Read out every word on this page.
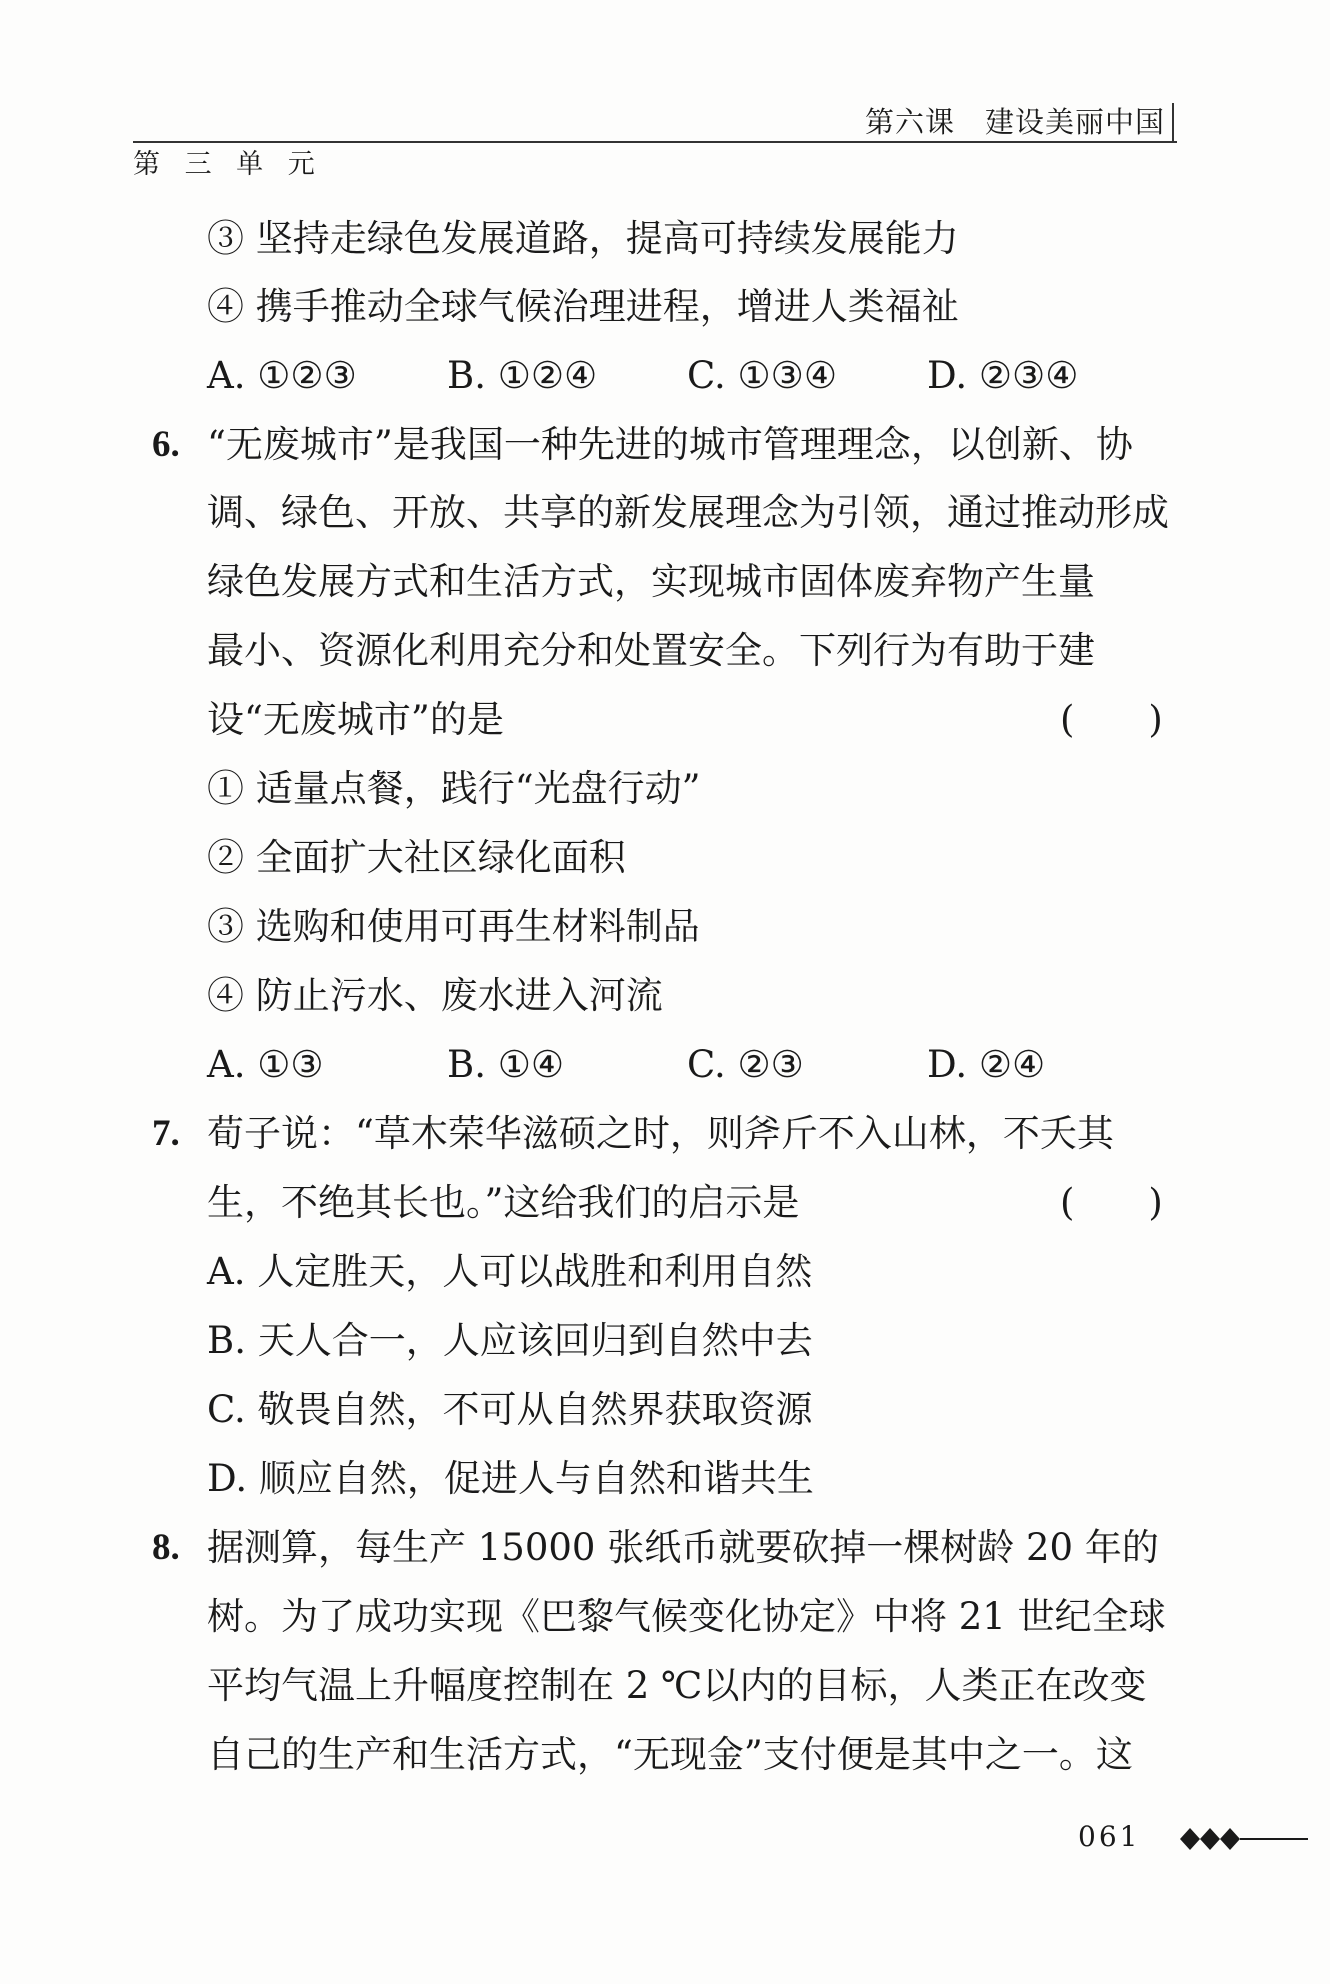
第六课　建设美丽中国
第 三 单 元
③ 坚持走绿色发展道路，提高可持续发展能力
④ 携手推动全球气候治理进程，增进人类福祉
A. ①②③ B. ①②④ C. ①③④ D. ②③④
6. “无废城市”是我国一种先进的城市管理理念，以创新、协
调、绿色、开放、共享的新发展理念为引领，通过推动形成
绿色发展方式和生活方式，实现城市固体废弃物产生量
最小、资源化利用充分和处置安全。下列行为有助于建
设“无废城市”的是	(　　)
① 适量点餐，践行“光盘行动”
② 全面扩大社区绿化面积
③ 选购和使用可再生材料制品
④ 防止污水、废水进入河流
A. ①③	B. ①④	C. ②③	D. ②④
7. 荀子说：“草木荣华滋硕之时，则斧斤不入山林，不夭其
生，不绝其长也。”这给我们的启示是	(　　)
A. 人定胜天，人可以战胜和利用自然
B. 天人合一，人应该回归到自然中去
C. 敬畏自然，不可从自然界获取资源
D. 顺应自然，促进人与自然和谐共生
8. 据测算，每生产 15000 张纸币就要砍掉一棵树龄 20 年的
树。为了成功实现《巴黎气候变化协定》中将 21 世纪全球
平均气温上升幅度控制在 2 ℃以内的目标，人类正在改变
自己的生产和生活方式，“无现金”支付便是其中之一。这
061
